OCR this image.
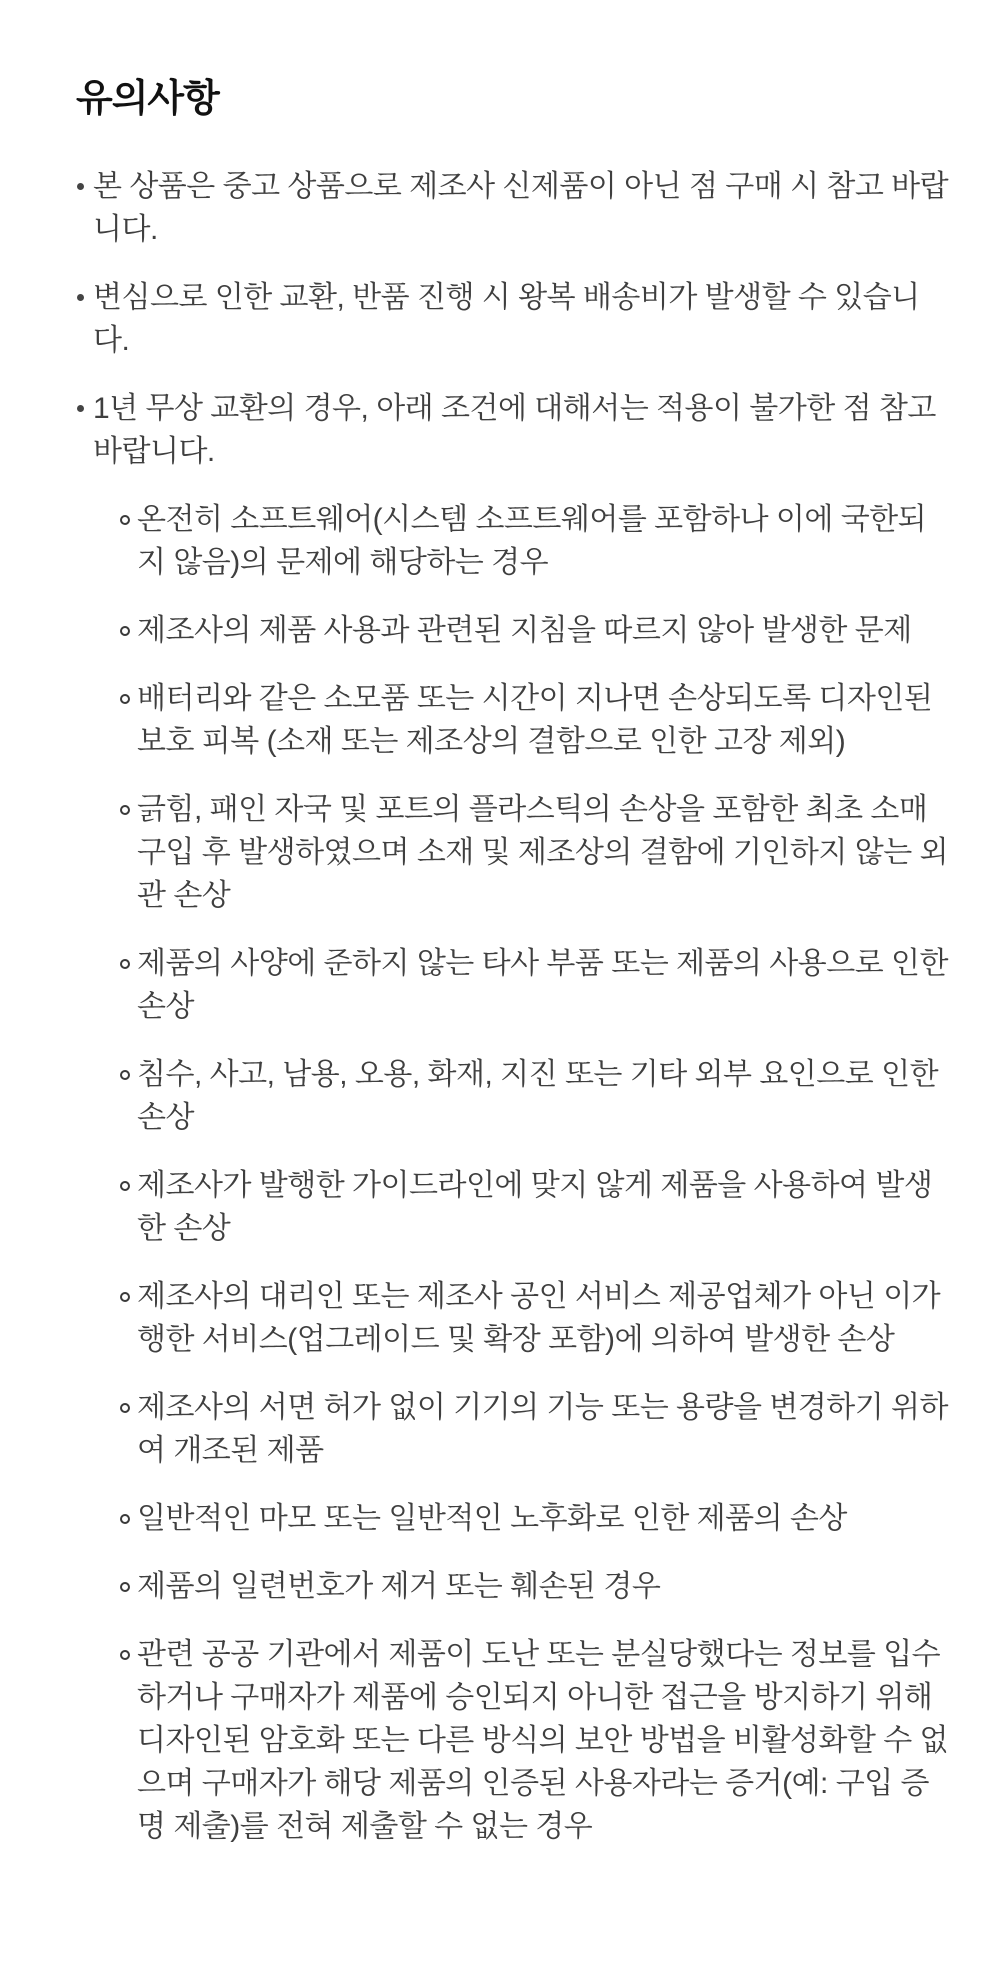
유의사항
본 상품은 중고 상품으로 제조사 신제품이 아닌 점 구매 시 참고 바랍니다.
변심으로 인한 교환, 반품 진행 시 왕복 배송비가 발생할 수 있습니다.
1년 무상 교환의 경우, 아래 조건에 대해서는 적용이 불가한 점 참고 바랍니다.
온전히 소프트웨어(시스템 소프트웨어를 포함하나 이에 국한되지 않음)의 문제에 해당하는 경우
제조사의 제품 사용과 관련된 지침을 따르지 않아 발생한 문제
배터리와 같은 소모품 또는 시간이 지나면 손상되도록 디자인된 보호 피복 (소재 또는 제조상의 결함으로 인한 고장 제외)
긁힘, 패인 자국 및 포트의 플라스틱의 손상을 포함한 최초 소매 구입 후 발생하였으며 소재 및 제조상의 결함에 기인하지 않는 외관 손상
제품의 사양에 준하지 않는 타사 부품 또는 제품의 사용으로 인한 손상
침수, 사고, 남용, 오용, 화재, 지진 또는 기타 외부 요인으로 인한 손상
제조사가 발행한 가이드라인에 맞지 않게 제품을 사용하여 발생한 손상
제조사의 대리인 또는 제조사 공인 서비스 제공업체가 아닌 이가 행한 서비스(업그레이드 및 확장 포함)에 의하여 발생한 손상
제조사의 서면 허가 없이 기기의 기능 또는 용량을 변경하기 위하여 개조된 제품
일반적인 마모 또는 일반적인 노후화로 인한 제품의 손상
제품의 일련번호가 제거 또는 훼손된 경우
관련 공공 기관에서 제품이 도난 또는 분실당했다는 정보를 입수하거나 구매자가 제품에 승인되지 아니한 접근을 방지하기 위해 디자인된 암호화 또는 다른 방식의 보안 방법을 비활성화할 수 없으며 구매자가 해당 제품의 인증된 사용자라는 증거(예: 구입 증명 제출)를 전혀 제출할 수 없는 경우
